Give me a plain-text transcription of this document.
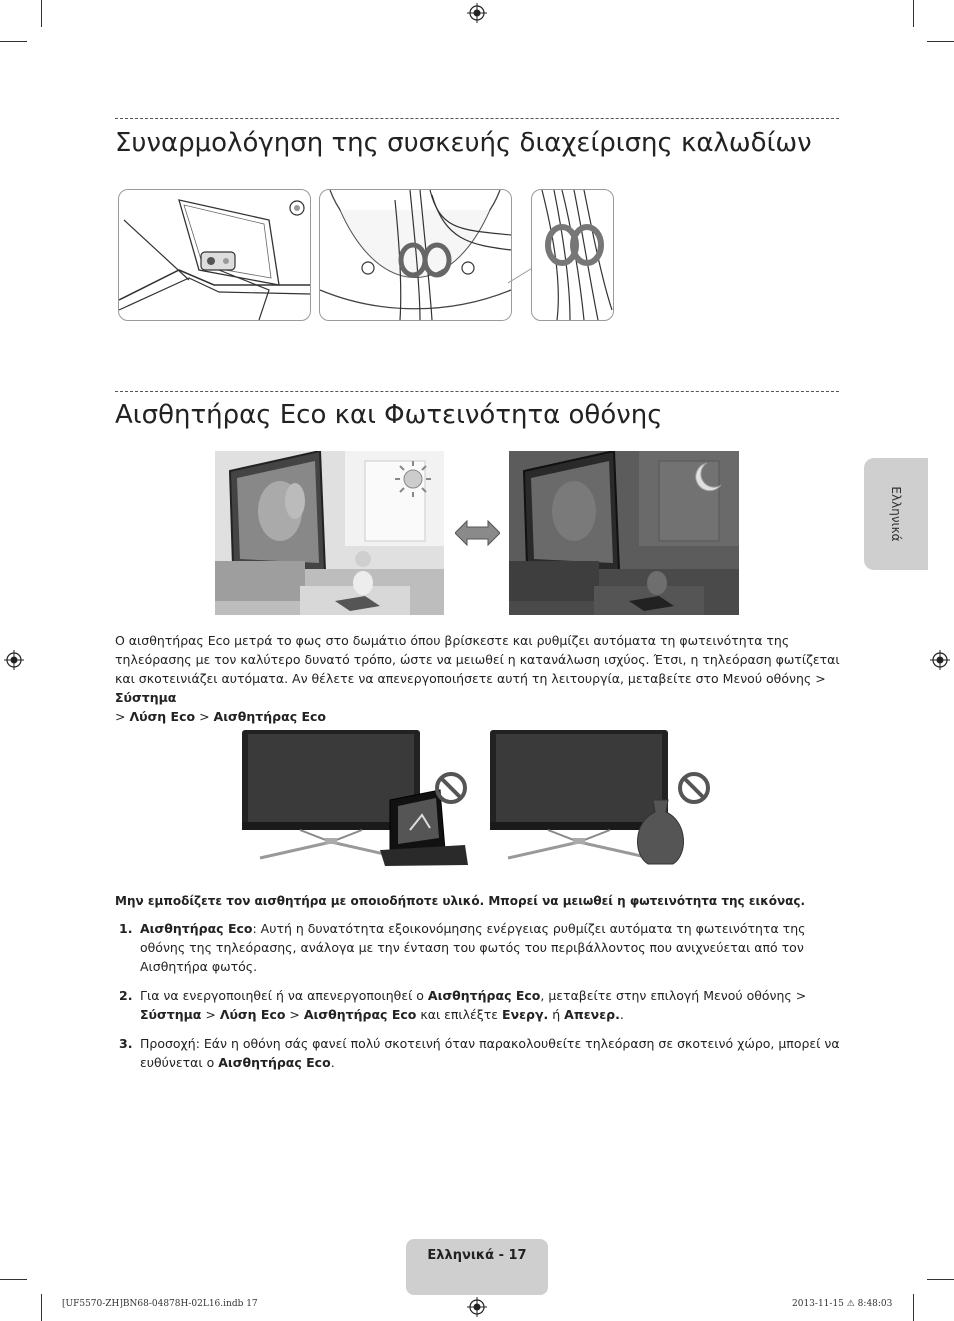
Συναρμολόγηση της συσκευής διαχείρισης καλωδίων
Αισθητήρας Eco και Φωτεινότητα οθόνης

Ο αισθητήρας Eco μετρά το φως στο δωμάτιο όπου βρίσκεστε και ρυθμίζει αυτόματα τη φωτεινότητα της τηλεόρασης με τον καλύτερο δυνατό τρόπο, ώστε να μειωθεί η κατανάλωση ισχύος. Έτσι, η τηλεόραση φωτίζεται και σκοτεινιάζει αυτόματα. Αν θέλετε να απενεργοποιήσετε αυτή τη λειτουργία, μεταβείτε στο Μενού οθόνης > Σύστημα
> Λύση Eco > Αισθητήρας Eco

Μην εμποδίζετε τον αισθητήρα με οποιοδήποτε υλικό. Μπορεί να μειωθεί η φωτεινότητα της εικόνας.
1. Αισθητήρας Eco: Αυτή η δυνατότητα εξοικονόμησης ενέργειας ρυθμίζει αυτόματα τη φωτεινότητα της οθόνης της τηλεόρασης, ανάλογα με την ένταση του φωτός του περιβάλλοντος που ανιχνεύεται από τον Αισθητήρα φωτός.
2. Για να ενεργοποιηθεί ή να απενεργοποιηθεί ο Αισθητήρας Eco, μεταβείτε στην επιλογή Μενού οθόνης >
Σύστημα > Λύση Eco > Αισθητήρας Eco και επιλέξτε Ενεργ. ή Απενερ..
3. Προσοχή: Εάν η οθόνη σάς φανεί πολύ σκοτεινή όταν παρακολουθείτε τηλεόραση σε σκοτεινό χώρο, μπορεί να ευθύνεται ο Αισθητήρας Eco.
Ελληνικά
Ελληνικά - 17
[UF5570-ZH]BN68-04878H-02L16.indb 17	2013-11-15 ⚠ 8:48:03
